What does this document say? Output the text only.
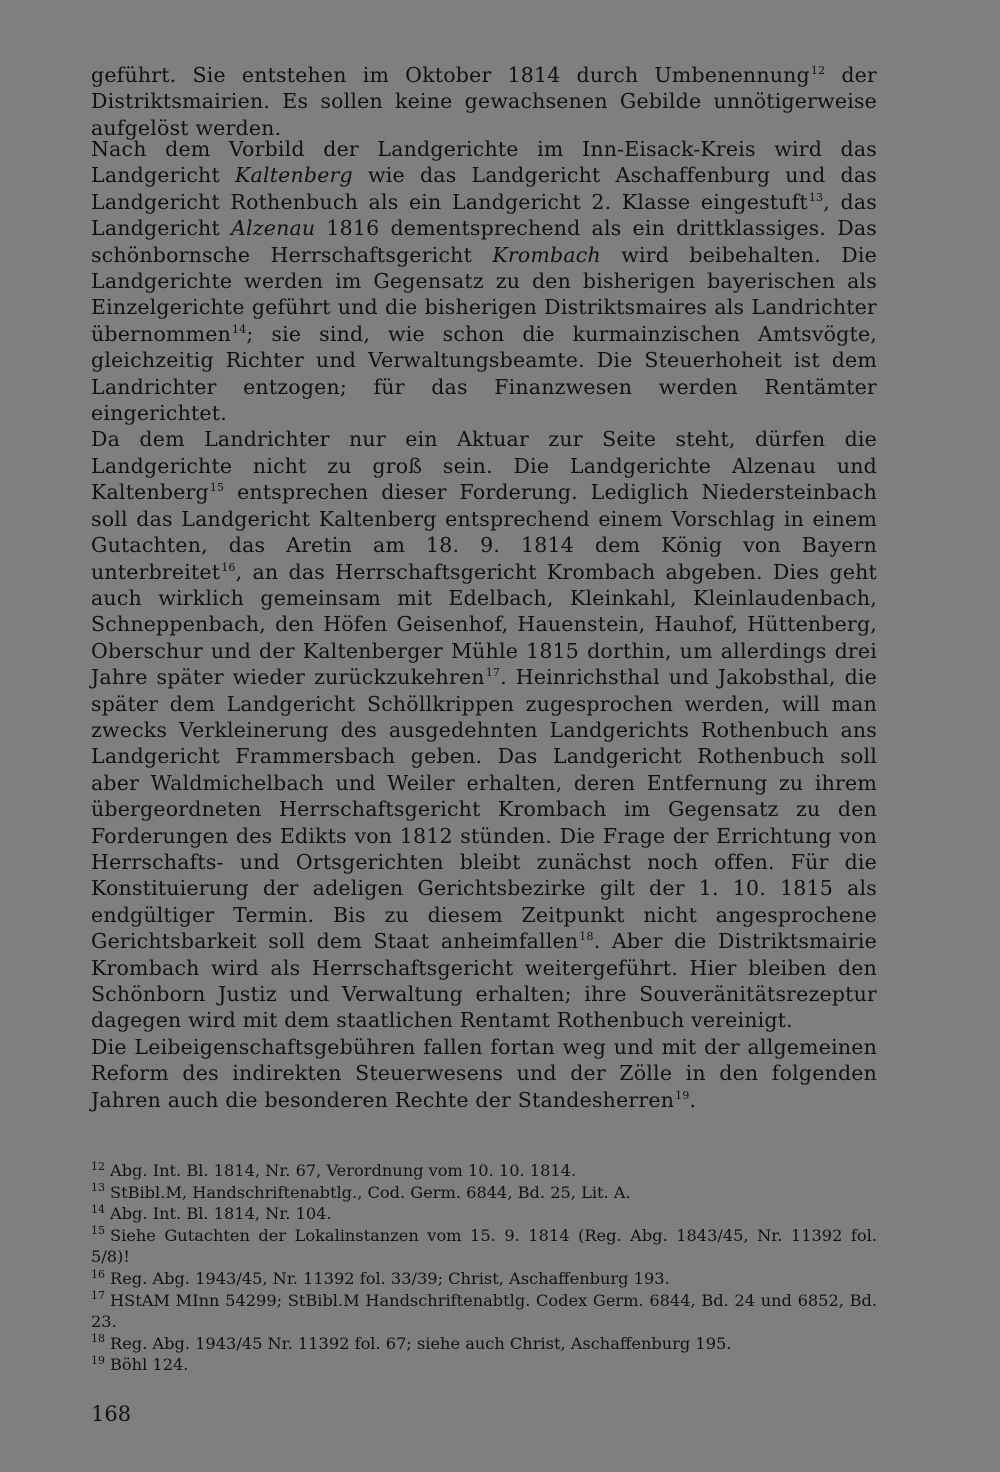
geführt. Sie entstehen im Oktober 1814 durch Umbenennung$^{12}$ der Distriktsmairien. Es sollen keine gewachsenen Gebilde unnötigerweise aufgelöst werden.

Nach dem Vorbild der Landgerichte im Inn-Eisack-Kreis wird das Landgericht Kaltenberg wie das Landgericht Aschaffenburg und das Landgericht Rothenbuch als ein Landgericht 2. Klasse eingestuft$^{13}$, das Landgericht Alzenau 1816 dementsprechend als ein drittklassiges. Das schönbornsche Herrschaftsgericht Krombach wird beibehalten. Die Landgerichte werden im Gegensatz zu den bisherigen bayerischen als Einzelgerichte geführt und die bisherigen Distriktsmaires als Landrichter übernommen$^{14}$; sie sind, wie schon die kurmainzischen Amtsvögte, gleichzeitig Richter und Verwaltungsbeamte. Die Steuerhoheit ist dem Landrichter entzogen; für das Finanzwesen werden Rentämter eingerichtet.

Da dem Landrichter nur ein Aktuar zur Seite steht, dürfen die Landgerichte nicht zu groß sein. Die Landgerichte Alzenau und Kaltenberg$^{15}$ entsprechen dieser Forderung. Lediglich Niedersteinbach soll das Landgericht Kaltenberg entsprechend einem Vorschlag in einem Gutachten, das Aretin am 18. 9. 1814 dem König von Bayern unterbreitet$^{16}$, an das Herrschaftsgericht Krombach abgeben. Dies geht auch wirklich gemeinsam mit Edelbach, Kleinkahl, Kleinlaudenbach, Schneppenbach, den Höfen Geisenhof, Hauenstein, Hauhof, Hüttenberg, Oberschur und der Kaltenberger Mühle 1815 dorthin, um allerdings drei Jahre später wieder zurückzukehren$^{17}$. Heinrichsthal und Jakobsthal, die später dem Landgericht Schöllkrippen zugesprochen werden, will man zwecks Verkleinerung des ausgedehnten Landgerichts Rothenbuch ans Landgericht Frammersbach geben. Das Landgericht Rothenbuch soll aber Waldmichelbach und Weiler erhalten, deren Entfernung zu ihrem übergeordneten Herrschaftsgericht Krombach im Gegensatz zu den Forderungen des Edikts von 1812 stünden. Die Frage der Errichtung von Herrschafts- und Ortsgerichten bleibt zunächst noch offen. Für die Konstituierung der adeligen Gerichtsbezirke gilt der 1. 10. 1815 als endgültiger Termin. Bis zu diesem Zeitpunkt nicht angesprochene Gerichtsbarkeit soll dem Staat anheimfallen$^{18}$. Aber die Distriktsmairie Krombach wird als Herrschaftsgericht weitergeführt. Hier bleiben den Schönborn Justiz und Verwaltung erhalten; ihre Souveränitätsrezeptur dagegen wird mit dem staatlichen Rentamt Rothenbuch vereinigt.

Die Leibeigenschaftsgebühren fallen fortan weg und mit der allgemeinen Reform des indirekten Steuerwesens und der Zölle in den folgenden Jahren auch die besonderen Rechte der Standesherren$^{19}$.

$^{12}$ Abg. Int. Bl. 1814, Nr. 67, Verordnung vom 10. 10. 1814.

$^{13}$ StBibl.M, Handschriftenabtlg., Cod. Germ. 6844, Bd. 25, Lit. A.

$^{14}$ Abg. Int. Bl. 1814, Nr. 104.

$^{15}$ Siehe Gutachten der Lokalinstanzen vom 15. 9. 1814 (Reg. Abg. 1843/45, Nr. 11392 fol. 5/8)!

$^{16}$ Reg. Abg. 1943/45, Nr. 11392 fol. 33/39; Christ, Aschaffenburg 193.

$^{17}$ HStAM MInn 54299; StBibl.M Handschriftenabtlg. Codex Germ. 6844, Bd. 24 und 6852, Bd. 23.

$^{18}$ Reg. Abg. 1943/45 Nr. 11392 fol. 67; siehe auch Christ, Aschaffenburg 195.

$^{19}$ Böhl 124.

168
